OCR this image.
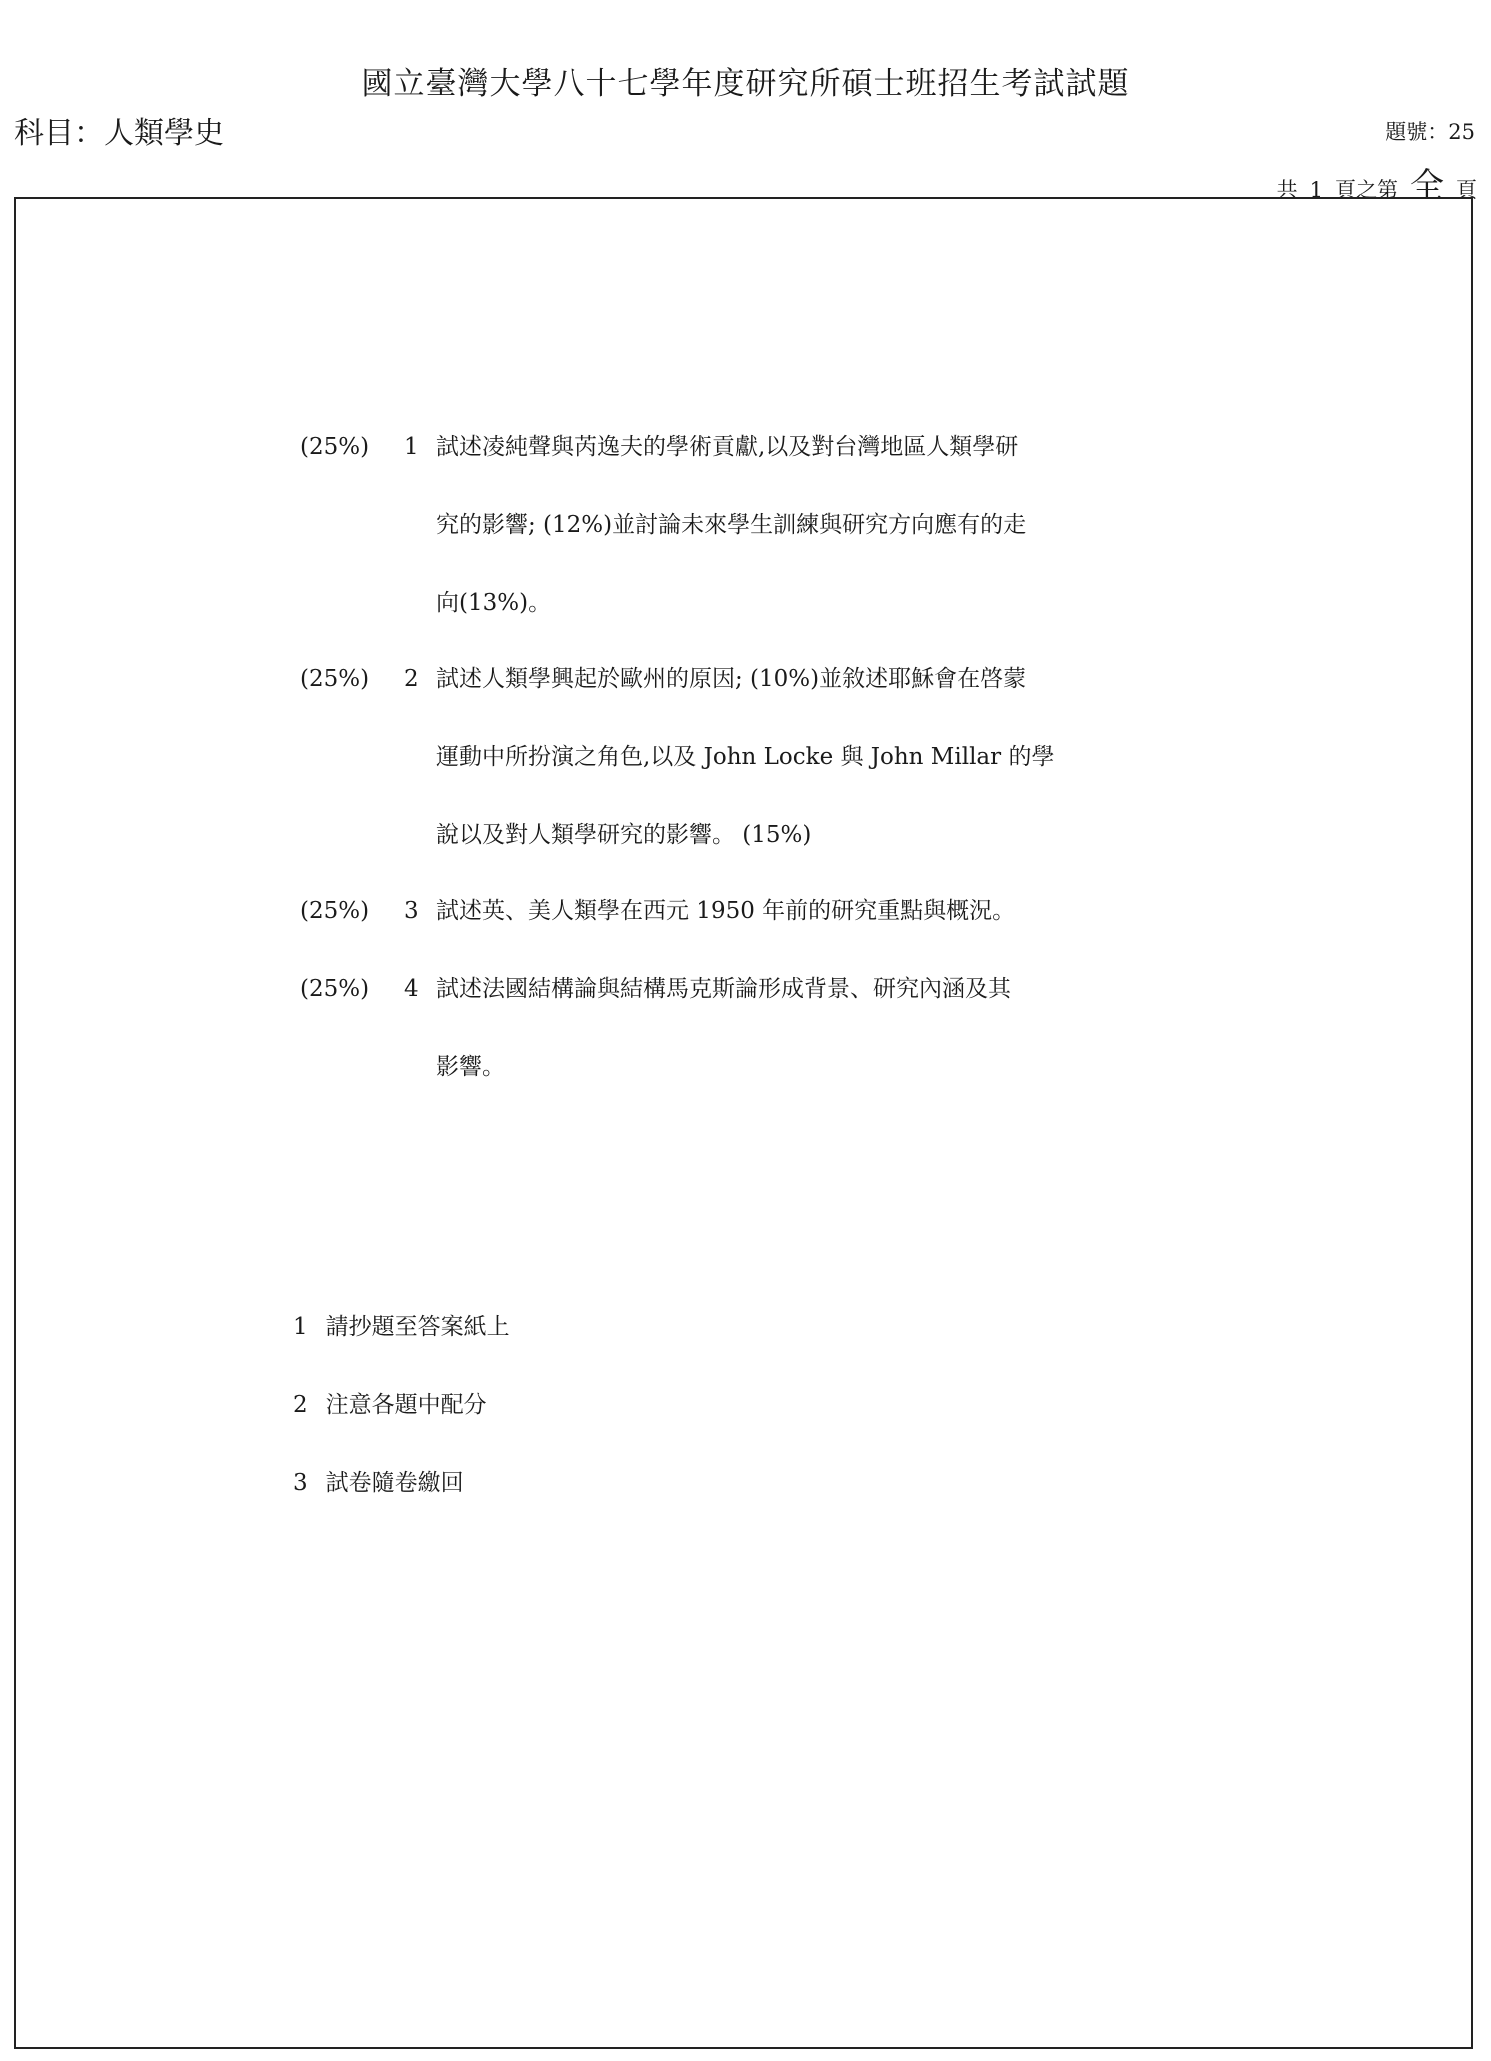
國立臺灣大學八十七學年度研究所碩士班招生考試試題
科目：人類學史	題號：25
共 1 頁之第 全 頁
(25%) 1 試述凌純聲與芮逸夫的學術貢獻,以及對台灣地區人類學研
究的影響; (12%)並討論未來學生訓練與研究方向應有的走
向(13%)。
(25%) 2 試述人類學興起於歐州的原因; (10%)並敘述耶穌會在啓蒙
運動中所扮演之角色,以及 John Locke 與 John Millar 的學
說以及對人類學研究的影響。 (15%)
(25%) 3 試述英、美人類學在西元 1950 年前的研究重點與概況。
(25%) 4 試述法國結構論與結構馬克斯論形成背景、研究內涵及其
影響。
1 請抄題至答案紙上
2 注意各題中配分
3 試卷隨卷繳回
